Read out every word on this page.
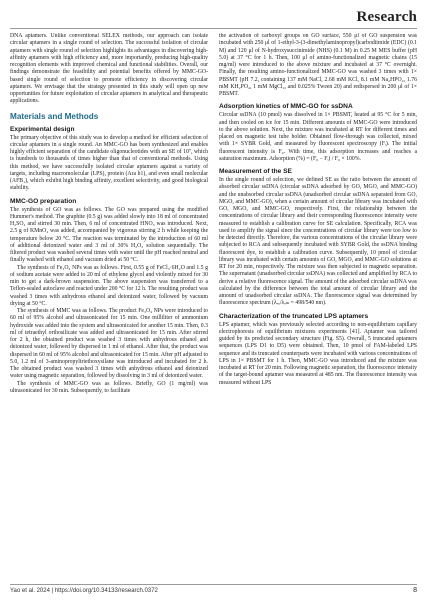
Research

DNA aptamers. Unlike conventional SELEX methods, our approach can isolate circular aptamers in a single round of selection. The successful isolation of circular aptamers with single round of selection highlights its advantages in discovering high-affinity aptamers with high efficiency and, more importantly, producing high-quality recognition elements with improved chemical and functional stabilities. Overall, our findings demonstrate the feasibility and potential benefits offered by MMC-GO-based single round of selection to promote efficiency in discovering circular aptamers. We envisage that the strategy presented in this study will open up new opportunities for future exploitation of circular aptamers in analytical and therapeutic applications.

Materials and Methods
Experimental design

The primary objective of this study was to develop a method for efficient selection of circular aptamers in a single round. An MMC-GO has been synthesized and enables highly efficient separation of the candidate oligonucleotides with an SE of 10⁷, which is hundreds to thousands of times higher than that of conventional methods. Using this method, we have successfully isolated circular aptamers against a variety of targets, including macromolecular (LPS), protein (Ara h1), and even small molecular (AFB₁), which exhibit high binding affinity, excellent selectivity, and good biological stability.

MMC-GO preparation

The synthesis of GO was as follows. The GO was prepared using the modified Hummer's method. The graphite (0.5 g) was added slowly into 18 ml of concentrated H₂SO₄ and stirred 30 min. Then, 6 ml of concentrated HNO₃ was introduced. Next, 2.5 g of KMnO₄ was added, accompanied by vigorous stirring 2 h while keeping the temperature below 20 °C. The reaction was terminated by the introduction of 60 ml of additional deionized water and 3 ml of 30% H₂O₂ solution sequentially. The filtered product was washed several times with water until the pH reached neutral and finally washed with ethanol and vacuum dried at 50 °C.

The synthesis of Fe₃O₄ NPs was as follows. First, 0.55 g of FeCl₃·6H₂O and 1.5 g of sodium acetate were added to 20 ml of ethylene glycol and violently mixed for 30 min to get a dark-brown suspension. The above suspension was transferred to a Teflon-sealed autoclave and reacted under 200 °C for 12 h. The resulting product was washed 3 times with anhydrous ethanol and deionized water, followed by vacuum drying at 50 °C.

The synthesis of MMC was as follows. The product Fe₃O₄ NPs were introduced to 60 ml of 95% alcohol and ultrasonicated for 15 min. One milliliter of ammonium hydroxide was added into the system and ultrasonicated for another 15 min. Then, 0.3 ml of tetraethyl orthosilicate was added and ultrasonicated for 15 min. After stirred for 2 h, the obtained product was washed 3 times with anhydrous ethanol and deionized water, followed by dispersed in 1 ml of ethanol. After that, the product was dispersed in 60 ml of 95% alcohol and ultrasonicated for 15 min. After pH adjusted to 5.0, 1.2 ml of 3-aminopropyltriethoxysilane was introduced and incubated for 2 h. The obtained product was washed 3 times with anhydrous ethanol and deionized water using magnetic separation, followed by dissolving in 3 ml of deionized water.

The synthesis of MMC-GO was as follows. Briefly, GO (1 mg/ml) was ultrasonicated for 30 min. Subsequently, to facilitate

the activation of carboxyl groups on GO surface, 550 μl of GO suspension was incubated with 250 μl of 1-ethyl-3-(3-dimethylaminopropyl)carbodiimide (EDC) (0.1 M) and 120 μl of N-hydroxysuccinimide (NHS) (0.1 M) in 0.25 M MES buffer (pH 5.0) at 37 °C for 1 h. Then, 100 μl of amino-functionalized magnetic chains (15 mg/ml) were introduced to the above mixture and incubated at 37 °C overnight. Finally, the resulting amino-functionalized MMC-GO was washed 3 times with 1× PBSMT (pH 7.2, containing 137 mM NaCl, 2.68 mM KCl, 8.1 mM Na₂HPO₄, 1.76 mM KH₂PO₄, 1 mM MgCl₂, and 0.025% Tween 20) and redispersed in 200 μl of 1× PBSMT.

Adsorption kinetics of MMC-GO for ssDNA

Circular ssDNA (10 pmol) was dissolved in 1× PBSMT, heated at 95 °C for 5 min, and then cooled on ice for 15 min. Different amounts of MMC-GO were introduced to the above solution. Next, the mixture was incubated at RT for different times and placed on magnetic test tube holder. Obtained flow-through was collected, mixed with 1× SYBR Gold, and measured by fluorescent spectroscopy (Fᵢ). The initial fluorescent intensity is F₀. With time, this adsorption increases and reaches a saturation maximum. Adsorption (%) = (F₀ − Fᵢ) / F₀ × 100%.

Measurement of the SE

In the single round of selection, we defined SE as the ratio between the amount of absorbed circular ssDNA (circular ssDNA adsorbed by GO, MGO, and MMC-GO) and the unabsorbed circular ssDNA (unadsorbed circular ssDNA separated from GO, MGO, and MMC-GO), when a certain amount of circular library was incubated with GO, MGO, and MMC-GO, respectively. First, the relationship between the concentrations of circular library and their corresponding fluorescence intensity were measured to establish a calibration curve for SE calculation. Specifically, RCA was used to amplify the signal since the concentrations of circular library were too low to be detected directly. Therefore, the various concentrations of the circular library were subjected to RCA and subsequently incubated with SYBR Gold, the ssDNA binding fluorescent dye, to establish a calibration curve. Subsequently, 10 pmol of circular library was incubated with certain amounts of GO, MGO, and MMC-GO solutions at RT for 20 min, respectively. The mixture was then subjected to magnetic separation. The supernatant (unadsorbed circular ssDNA) was collected and amplified by RCA to derive a relative fluorescence signal. The amount of the adsorbed circular ssDNA was calculated by the difference between the total amount of circular library and the amount of unadsorbed circular ssDNA. The fluorescence signal was determined by fluorescence spectrum (λₑₓ/λₑₘ = 498/540 nm).

Characterization of the truncated LPS aptamers

LPS aptamer, which was previously selected according to non-equilibrium capillary electrophoresis of equilibrium mixtures experiments [41]. Aptamer was tailored guided by its predicted secondary structure (Fig. S5). Overall, 5 truncated aptamers sequences (LPS D1 to D5) were obtained. Then, 10 pmol of FAM-labeled LPS sequence and its truncated counterparts were incubated with various concentrations of LPS in 1× PBSMT for 1 h. Then, MMC-GO was introduced and the mixture was incubated at RT for 20 min. Following magnetic separation, the fluorescence intensity of the target-bound aptamer was measured at 485 nm. The fluorescence intensity was measured without LPS

Yao et al. 2024 | https://doi.org/10.34133/research.0372	8
